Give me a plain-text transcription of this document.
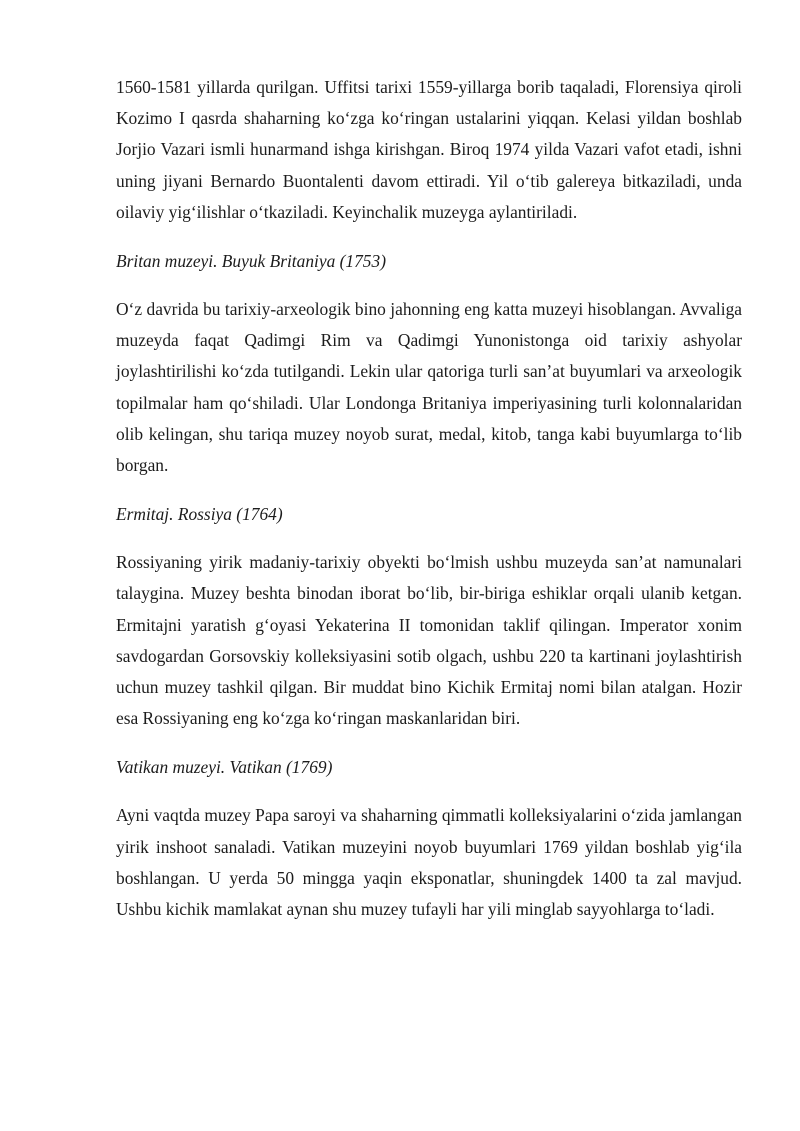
1560-1581 yillarda qurilgan. Uffitsi tarixi 1559-yillarga borib taqaladi, Florensiya qiroli Kozimo I qasrda shaharning ko‘zga ko‘ringan ustalarini yiqqan. Kelasi yildan boshlab Jorjio Vazari ismli hunarmand ishga kirishgan. Biroq 1974 yilda Vazari vafot etadi, ishni uning jiyani Bernardo Buontalenti davom ettiradi. Yil o‘tib galereya bitkaziladi, unda oilaviy yig‘ilishlar o‘tkaziladi. Keyinchalik muzeyga aylantiriladi.

Britan muzeyi. Buyuk Britaniya (1753)

O‘z davrida bu tarixiy-arxeologik bino jahonning eng katta muzeyi hisoblangan. Avvaliga muzeyda faqat Qadimgi Rim va Qadimgi Yunonistonga oid tarixiy ashyolar joylashtirilishi ko‘zda tutilgandi. Lekin ular qatoriga turli san’at buyumlari va arxeologik topilmalar ham qo‘shiladi. Ular Londonga Britaniya imperiyasining turli kolonnalaridan olib kelingan, shu tariqa muzey noyob surat, medal, kitob, tanga kabi buyumlarga to‘lib borgan.

Ermitaj. Rossiya (1764)

Rossiyaning yirik madaniy-tarixiy obyekti bo‘lmish ushbu muzeyda san’at namunalari talaygina. Muzey beshta binodan iborat bo‘lib, bir-biriga eshiklar orqali ulanib ketgan. Ermitajni yaratish g‘oyasi Yekaterina II tomonidan taklif qilingan. Imperator xonim savdogardan Gorsovskiy kolleksiyasini sotib olgach, ushbu 220 ta kartinani joylashtirish uchun muzey tashkil qilgan. Bir muddat bino Kichik Ermitaj nomi bilan atalgan. Hozir esa Rossiyaning eng ko‘zga ko‘ringan maskanlaridan biri.

Vatikan muzeyi. Vatikan (1769)

Ayni vaqtda muzey Papa saroyi va shaharning qimmatli kolleksiyalarini o‘zida jamlangan yirik inshoot sanaladi. Vatikan muzeyini noyob buyumlari 1769 yildan boshlab yig‘ila boshlangan. U yerda 50 mingga yaqin eksponatlar, shuningdek 1400 ta zal mavjud. Ushbu kichik mamlakat aynan shu muzey tufayli har yili minglab sayyohlarga to‘ladi.
